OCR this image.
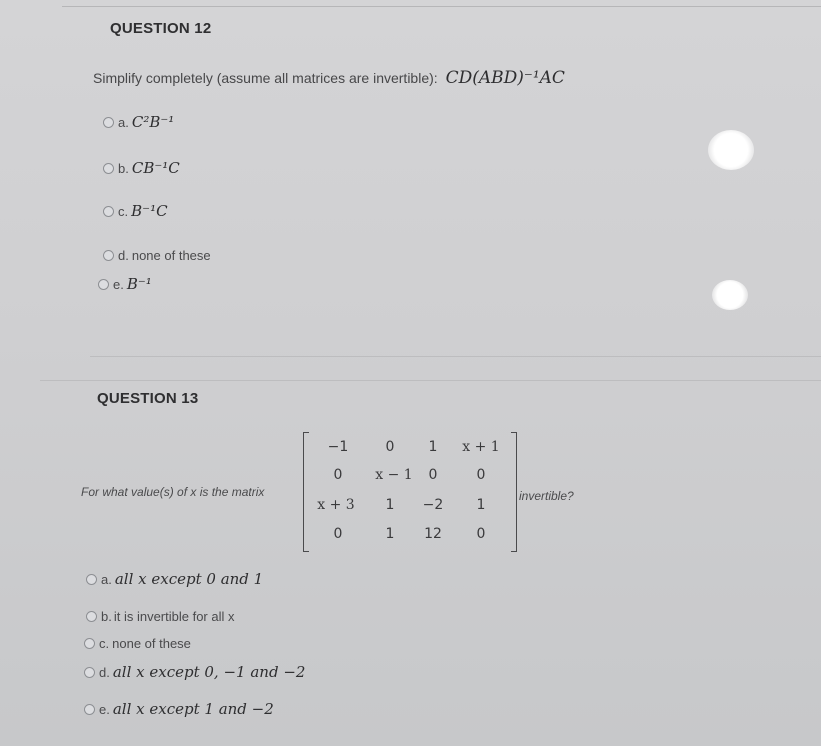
QUESTION 12
Simplify completely (assume all matrices are invertible): CD(ABD)⁻¹AC
a. C²B⁻¹
b. CB⁻¹C
c. B⁻¹C
d. none of these
e. B⁻¹
QUESTION 13
For what value(s) of x is the matrix
−1	0	1	x + 1
0	x − 1	0	0
x + 3	1	−2	1
0	1	12	0
invertible?
a. all x except 0 and 1
b. it is invertible for all x
c. none of these
d. all x except 0, −1 and −2
e. all x except 1 and −2
